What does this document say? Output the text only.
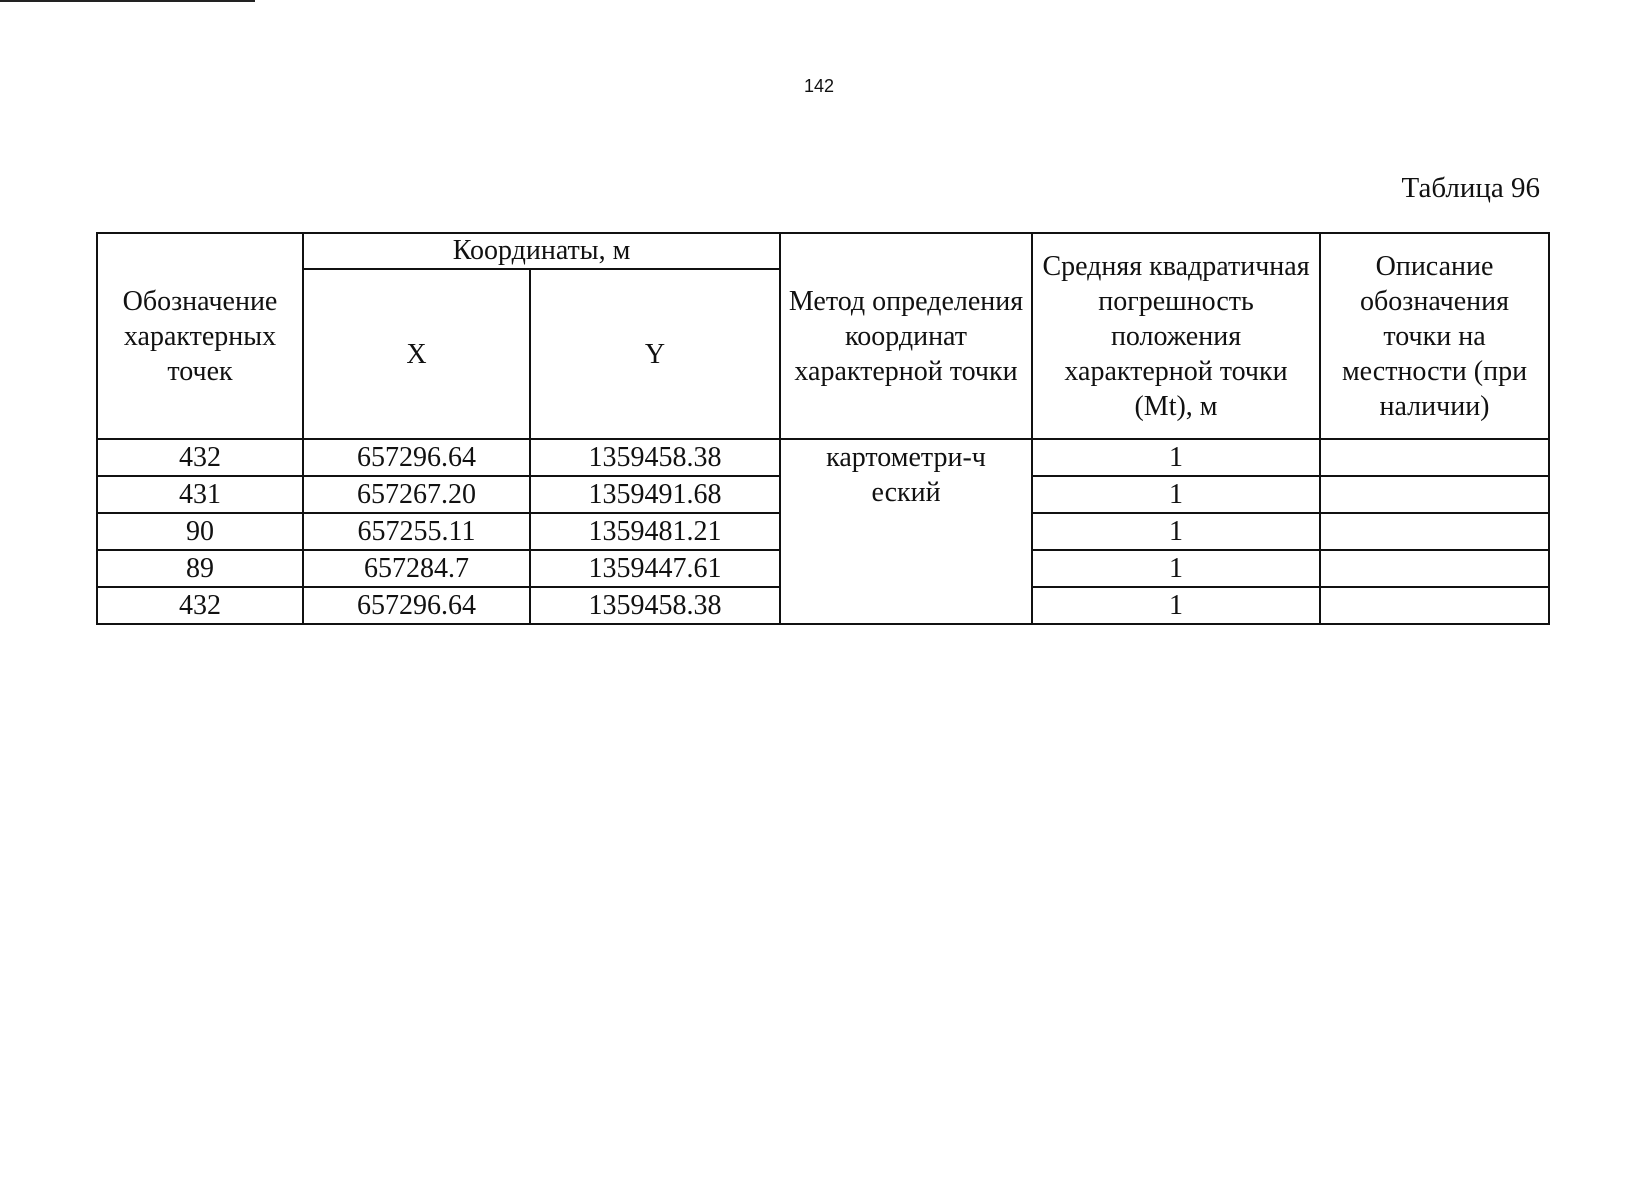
142
Таблица 96
Обозначение характерных точек	Координаты, м		Метод определения координат характерной точки	Средняя квадратичная погрешность положения характерной точки (Mt), м	Описание обозначения точки на местности (при наличии)
	X	Y			
432	657296.64	1359458.38	картометри-ческий	1	
431	657267.20	1359491.68		1	
90	657255.11	1359481.21		1	
89	657284.7	1359447.61		1	
432	657296.64	1359458.38		1	
